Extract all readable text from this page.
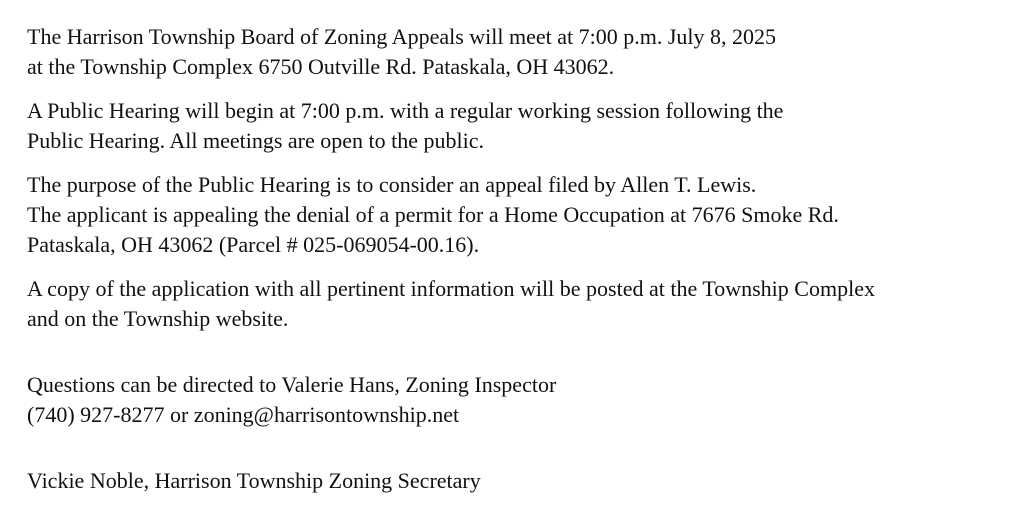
The Harrison Township Board of Zoning Appeals will meet at 7:00 p.m. July 8, 2025
at the Township Complex 6750 Outville Rd. Pataskala, OH 43062.

A Public Hearing will begin at 7:00 p.m. with a regular working session following the
Public Hearing. All meetings are open to the public.

The purpose of the Public Hearing is to consider an appeal filed by Allen T. Lewis.
The applicant is appealing the denial of a permit for a Home Occupation at 7676 Smoke Rd.
Pataskala, OH 43062 (Parcel # 025-069054-00.16).

A copy of the application with all pertinent information will be posted at the Township Complex
and on the Township website.

Questions can be directed to Valerie Hans, Zoning Inspector
(740) 927-8277 or zoning@harrisontownship.net

Vickie Noble, Harrison Township Zoning Secretary
